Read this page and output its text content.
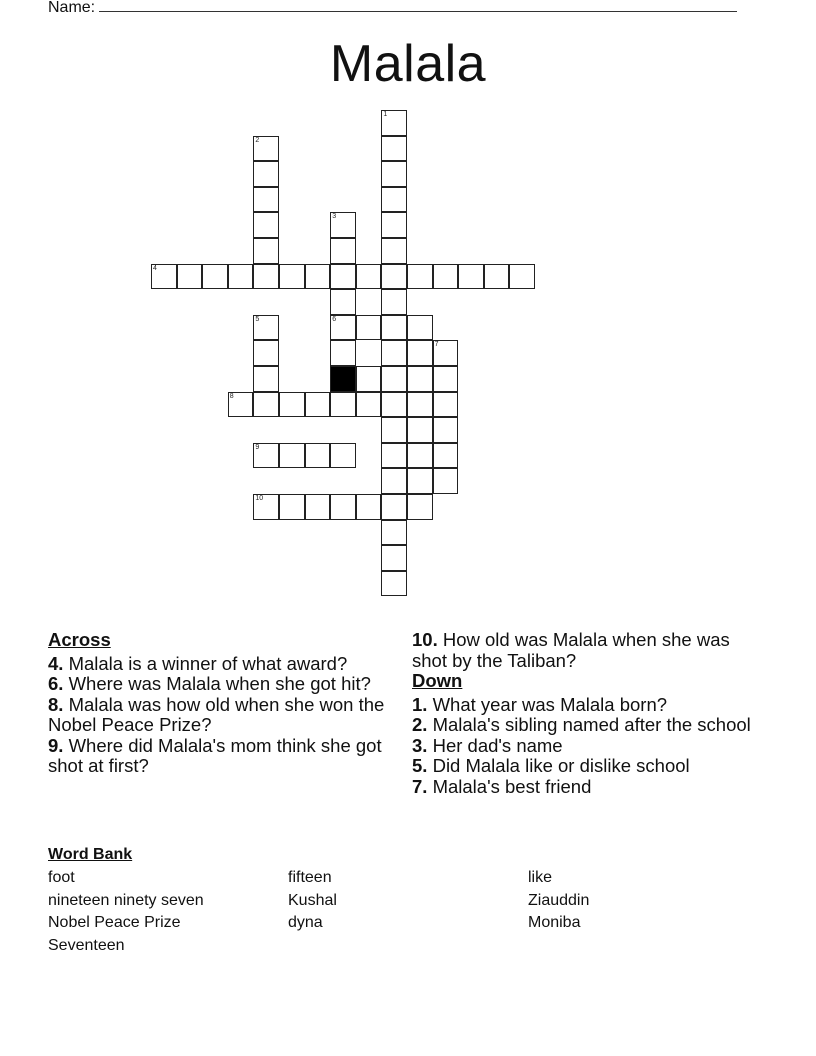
Name:
Malala
4
6
8
9
10
1
2
3
5
7
Across
4. Malala is a winner of what award?
6. Where was Malala when she got hit?
8. Malala was how old when she won the Nobel Peace Prize?
9. Where did Malala's mom think she got shot at first?
10. How old was Malala when she was shot by the Taliban?
Down
1. What year was Malala born?
2. Malala's sibling named after the school
3. Her dad's name
5. Did Malala like or dislike school
7. Malala's best friend
Word Bank
foot
nineteen ninety seven
Nobel Peace Prize
Seventeen
fifteen
Kushal
dyna
like
Ziauddin
Moniba
